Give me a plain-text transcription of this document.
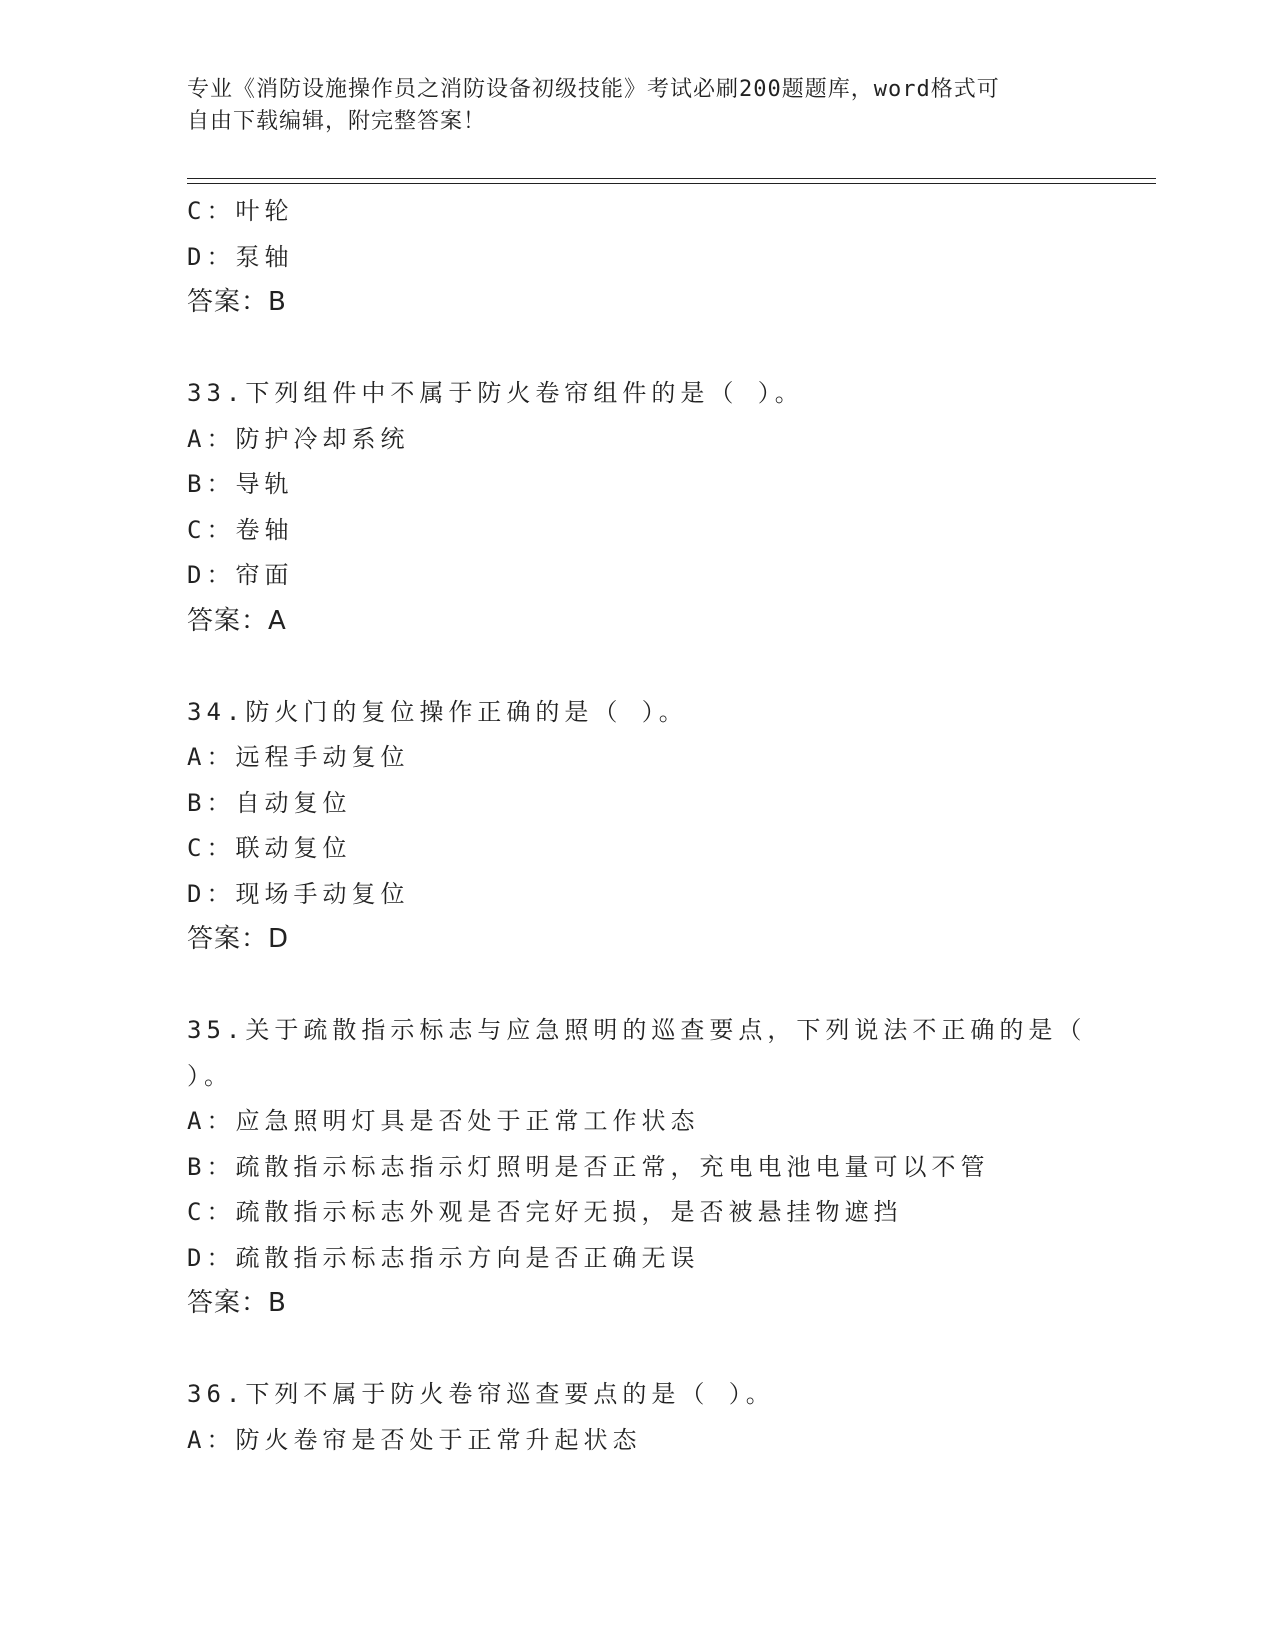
专业《消防设施操作员之消防设备初级技能》考试必刷200题题库，word格式可
自由下载编辑，附完整答案！
C：叶轮
D：泵轴
答案：B
33.下列组件中不属于防火卷帘组件的是（ ）。
A：防护冷却系统
B：导轨
C：卷轴
D：帘面
答案：A
34.防火门的复位操作正确的是（ ）。
A：远程手动复位
B：自动复位
C：联动复位
D：现场手动复位
答案：D
35.关于疏散指示标志与应急照明的巡查要点，下列说法不正确的是（
）。
A：应急照明灯具是否处于正常工作状态
B：疏散指示标志指示灯照明是否正常，充电电池电量可以不管
C：疏散指示标志外观是否完好无损，是否被悬挂物遮挡
D：疏散指示标志指示方向是否正确无误
答案：B
36.下列不属于防火卷帘巡查要点的是（ ）。
A：防火卷帘是否处于正常升起状态
